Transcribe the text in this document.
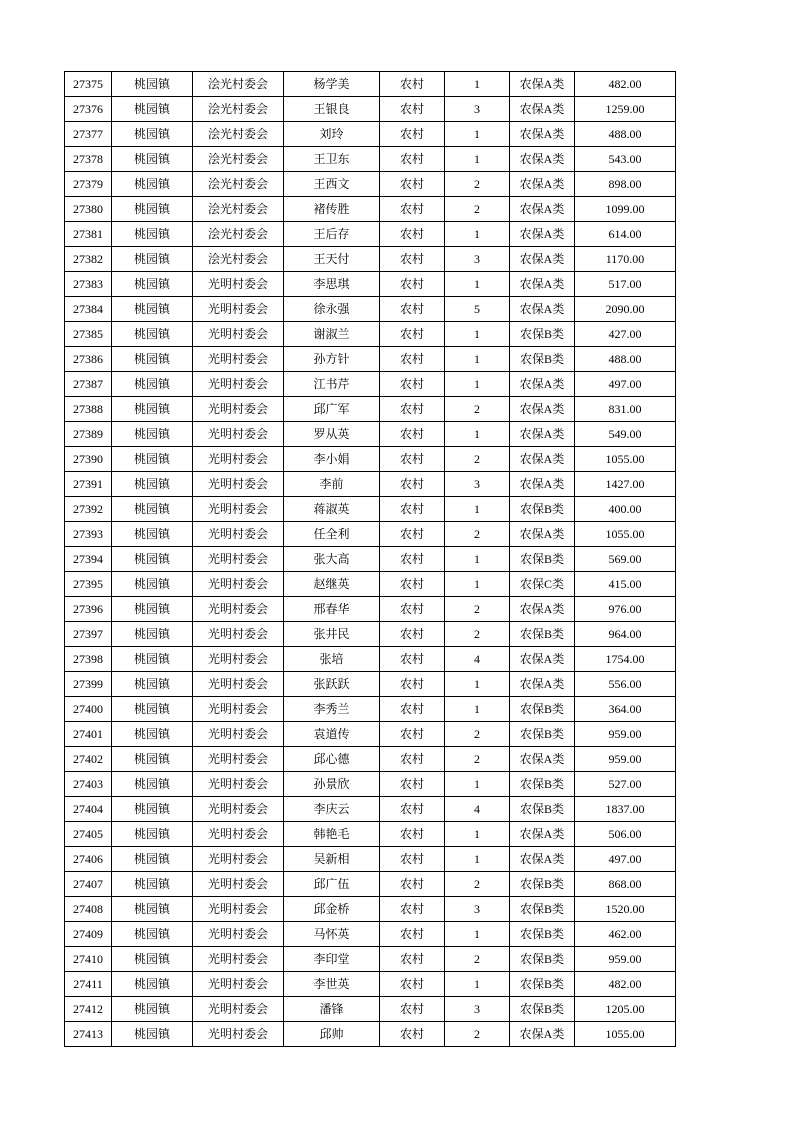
27375	桃园镇	浍光村委会	杨学美	农村	1	农保A类	482.00
27376	桃园镇	浍光村委会	王银良	农村	3	农保A类	1259.00
27377	桃园镇	浍光村委会	刘玲	农村	1	农保A类	488.00
27378	桃园镇	浍光村委会	王卫东	农村	1	农保A类	543.00
27379	桃园镇	浍光村委会	王西文	农村	2	农保A类	898.00
27380	桃园镇	浍光村委会	褚传胜	农村	2	农保A类	1099.00
27381	桃园镇	浍光村委会	王后存	农村	1	农保A类	614.00
27382	桃园镇	浍光村委会	王天付	农村	3	农保A类	1170.00
27383	桃园镇	光明村委会	李思琪	农村	1	农保A类	517.00
27384	桃园镇	光明村委会	徐永强	农村	5	农保A类	2090.00
27385	桃园镇	光明村委会	谢淑兰	农村	1	农保B类	427.00
27386	桃园镇	光明村委会	孙方针	农村	1	农保B类	488.00
27387	桃园镇	光明村委会	江书芹	农村	1	农保A类	497.00
27388	桃园镇	光明村委会	邱广军	农村	2	农保A类	831.00
27389	桃园镇	光明村委会	罗从英	农村	1	农保A类	549.00
27390	桃园镇	光明村委会	李小娟	农村	2	农保A类	1055.00
27391	桃园镇	光明村委会	李前	农村	3	农保A类	1427.00
27392	桃园镇	光明村委会	蒋淑英	农村	1	农保B类	400.00
27393	桃园镇	光明村委会	任全利	农村	2	农保A类	1055.00
27394	桃园镇	光明村委会	张大高	农村	1	农保B类	569.00
27395	桃园镇	光明村委会	赵继英	农村	1	农保C类	415.00
27396	桃园镇	光明村委会	邢春华	农村	2	农保A类	976.00
27397	桃园镇	光明村委会	张井民	农村	2	农保B类	964.00
27398	桃园镇	光明村委会	张培	农村	4	农保A类	1754.00
27399	桃园镇	光明村委会	张跃跃	农村	1	农保A类	556.00
27400	桃园镇	光明村委会	李秀兰	农村	1	农保B类	364.00
27401	桃园镇	光明村委会	袁道传	农村	2	农保B类	959.00
27402	桃园镇	光明村委会	邱心德	农村	2	农保A类	959.00
27403	桃园镇	光明村委会	孙景欣	农村	1	农保B类	527.00
27404	桃园镇	光明村委会	李庆云	农村	4	农保B类	1837.00
27405	桃园镇	光明村委会	韩艳毛	农村	1	农保A类	506.00
27406	桃园镇	光明村委会	吴新相	农村	1	农保A类	497.00
27407	桃园镇	光明村委会	邱广伍	农村	2	农保B类	868.00
27408	桃园镇	光明村委会	邱金桥	农村	3	农保B类	1520.00
27409	桃园镇	光明村委会	马怀英	农村	1	农保B类	462.00
27410	桃园镇	光明村委会	李印堂	农村	2	农保B类	959.00
27411	桃园镇	光明村委会	李世英	农村	1	农保B类	482.00
27412	桃园镇	光明村委会	潘锋	农村	3	农保B类	1205.00
27413	桃园镇	光明村委会	邱帅	农村	2	农保A类	1055.00
